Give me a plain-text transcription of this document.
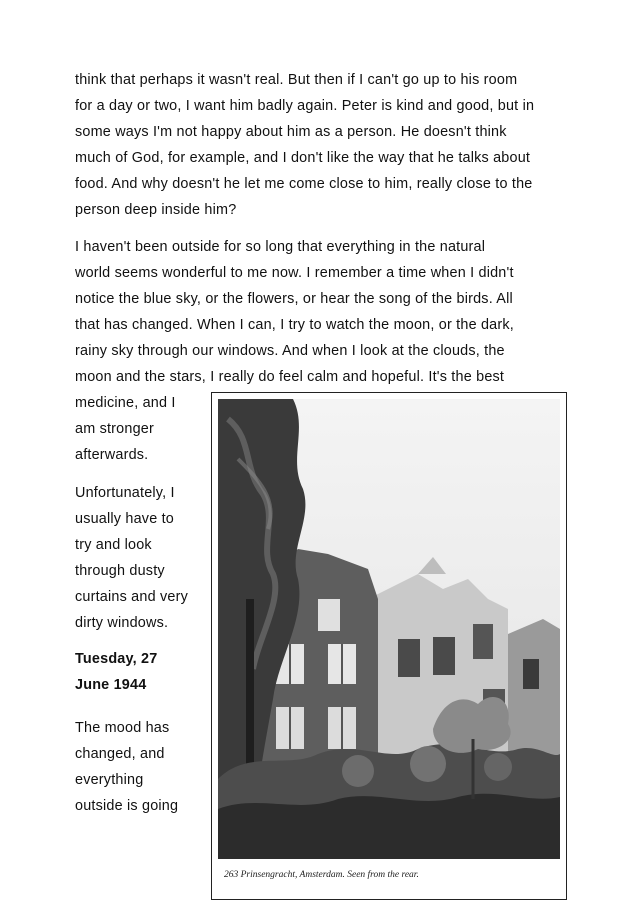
think that perhaps it wasn't real. But then if I can't go up to his room
for a day or two, I want him badly again. Peter is kind and good, but in
some ways I'm not happy about him as a person. He doesn't think
much of God, for example, and I don't like the way that he talks about
food. And why doesn't he let me come close to him, really close to the
person deep inside him?
I haven't been outside for so long that everything in the natural
world seems wonderful to me now. I remember a time when I didn't
notice the blue sky, or the flowers, or hear the song of the birds. All
that has changed. When I can, I try to watch the moon, or the dark,
rainy sky through our windows. And when I look at the clouds, the
moon and the stars, I really do feel calm and hopeful. It's the best
medicine, and I
am stronger
afterwards.
Unfortunately, I
usually have to
try and look
through dusty
curtains and very
dirty windows.
Tuesday, 27
June 1944
The mood has
changed, and
everything
outside is going
263 Prinsengracht, Amsterdam. Seen from the rear.
